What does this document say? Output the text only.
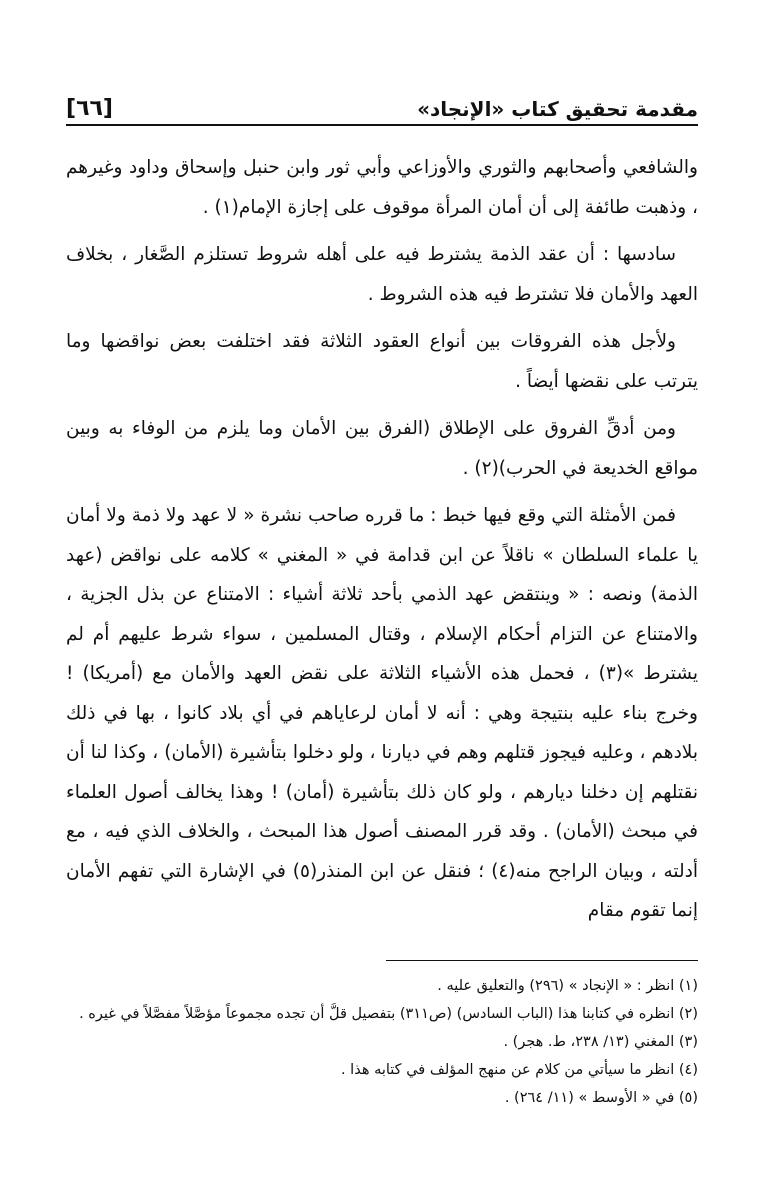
مقدمة تحقيق كتاب «الإنجاد»
[٦٦]

والشافعي وأصحابهم والثوري والأوزاعي وأبي ثور وابن حنبل وإسحاق وداود وغيرهم ، وذهبت طائفة إلى أن أمان المرأة موقوف على إجازة الإمام(١) .

سادسها : أن عقد الذمة يشترط فيه على أهله شروط تستلزم الصَّغار ، بخلاف العهد والأمان فلا تشترط فيه هذه الشروط .

ولأجل هذه الفروقات بين أنواع العقود الثلاثة فقد اختلفت بعض نواقضها وما يترتب على نقضها أيضاً .

ومن أدقِّ الفروق على الإطلاق (الفرق بين الأمان وما يلزم من الوفاء به وبين مواقع الخديعة في الحرب)(٢) .

فمن الأمثلة التي وقع فيها خبط : ما قرره صاحب نشرة « لا عهد ولا ذمة ولا أمان يا علماء السلطان » ناقلاً عن ابن قدامة في « المغني » كلامه على نواقض (عهد الذمة) ونصه : « وينتقض عهد الذمي بأحد ثلاثة أشياء : الامتناع عن بذل الجزية ، والامتناع عن التزام أحكام الإسلام ، وقتال المسلمين ، سواء شرط عليهم أم لم يشترط »(٣) ، فحمل هذه الأشياء الثلاثة على نقض العهد والأمان مع (أمريكا) ! وخرج بناء عليه بنتيجة وهي : أنه لا أمان لرعاياهم في أي بلاد كانوا ، بها في ذلك بلادهم ، وعليه فيجوز قتلهم وهم في ديارنا ، ولو دخلوا بتأشيرة (الأمان) ، وكذا لنا أن نقتلهم إن دخلنا ديارهم ، ولو كان ذلك بتأشيرة (أمان) ! وهذا يخالف أصول العلماء في مبحث (الأمان) . وقد قرر المصنف أصول هذا المبحث ، والخلاف الذي فيه ، مع أدلته ، وبيان الراجح منه(٤) ؛ فنقل عن ابن المنذر(٥) في الإشارة التي تفهم الأمان إنما تقوم مقام

(١) انظر : « الإنجاد » (٢٩٦) والتعليق عليه .

(٢) انظره في كتابنا هذا (الباب السادس) (ص٣١١) بتفصيل قلَّ أن تجده مجموعاً مؤصَّلاً مفصَّلاً في غيره .

(٣) المغني (١٣/ ٢٣٨، ط. هجر) .

(٤) انظر ما سيأتي من كلام عن منهج المؤلف في كتابه هذا .

(٥) في « الأوسط » (١١/ ٢٦٤) .
